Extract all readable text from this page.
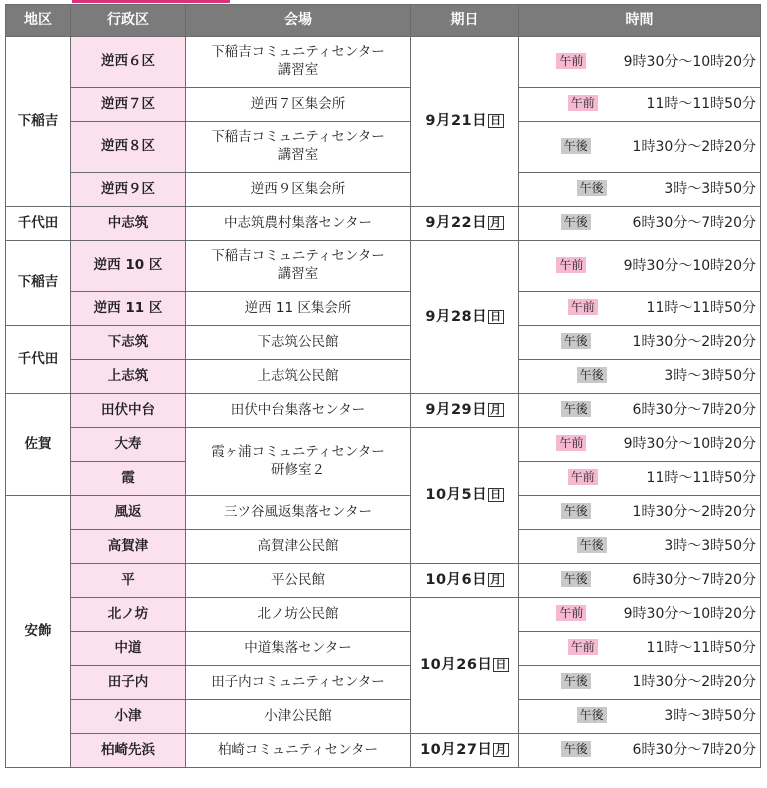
地区	行政区	会場	期日	時間
下稲吉	逆西６区	下稲吉コミュニティセンター
講習室	9月21日 日	午前 9時30分～10時20分

	逆西７区	逆西７区集会所		午前 11時～11時50分

	逆西８区	下稲吉コミュニティセンター
講習室		午後 1時30分～2時20分

	逆西９区	逆西９区集会所		午後 3時～3時50分

千代田	中志筑	中志筑農村集落センター	9月22日 月	午後 6時30分～7時20分

下稲吉	逆西 10 区	下稲吉コミュニティセンター
講習室	9月28日 日	午前 9時30分～10時20分

	逆西 11 区	逆西 11 区集会所		午前 11時～11時50分

千代田	下志筑	下志筑公民館		午後 1時30分～2時20分

	上志筑	上志筑公民館		午後 3時～3時50分

佐賀	田伏中台	田伏中台集落センター	9月29日 月	午後 6時30分～7時20分

	大寿	霞ヶ浦コミュニティセンター
研修室２	10月5日 日	午前 9時30分～10時20分

	霞			午前 11時～11時50分

安飾	風返	三ツ谷風返集落センター		午後 1時30分～2時20分

	高賀津	高賀津公民館		午後 3時～3時50分

	平	平公民館	10月6日 月	午後 6時30分～7時20分

	北ノ坊	北ノ坊公民館	10月26日 日	午前 9時30分～10時20分

	中道	中道集落センター		午前 11時～11時50分

	田子内	田子内コミュニティセンター		午後 1時30分～2時20分

	小津	小津公民館		午後 3時～3時50分

	柏崎先浜	柏崎コミュニティセンター	10月27日 月	午後 6時30分～7時20分
